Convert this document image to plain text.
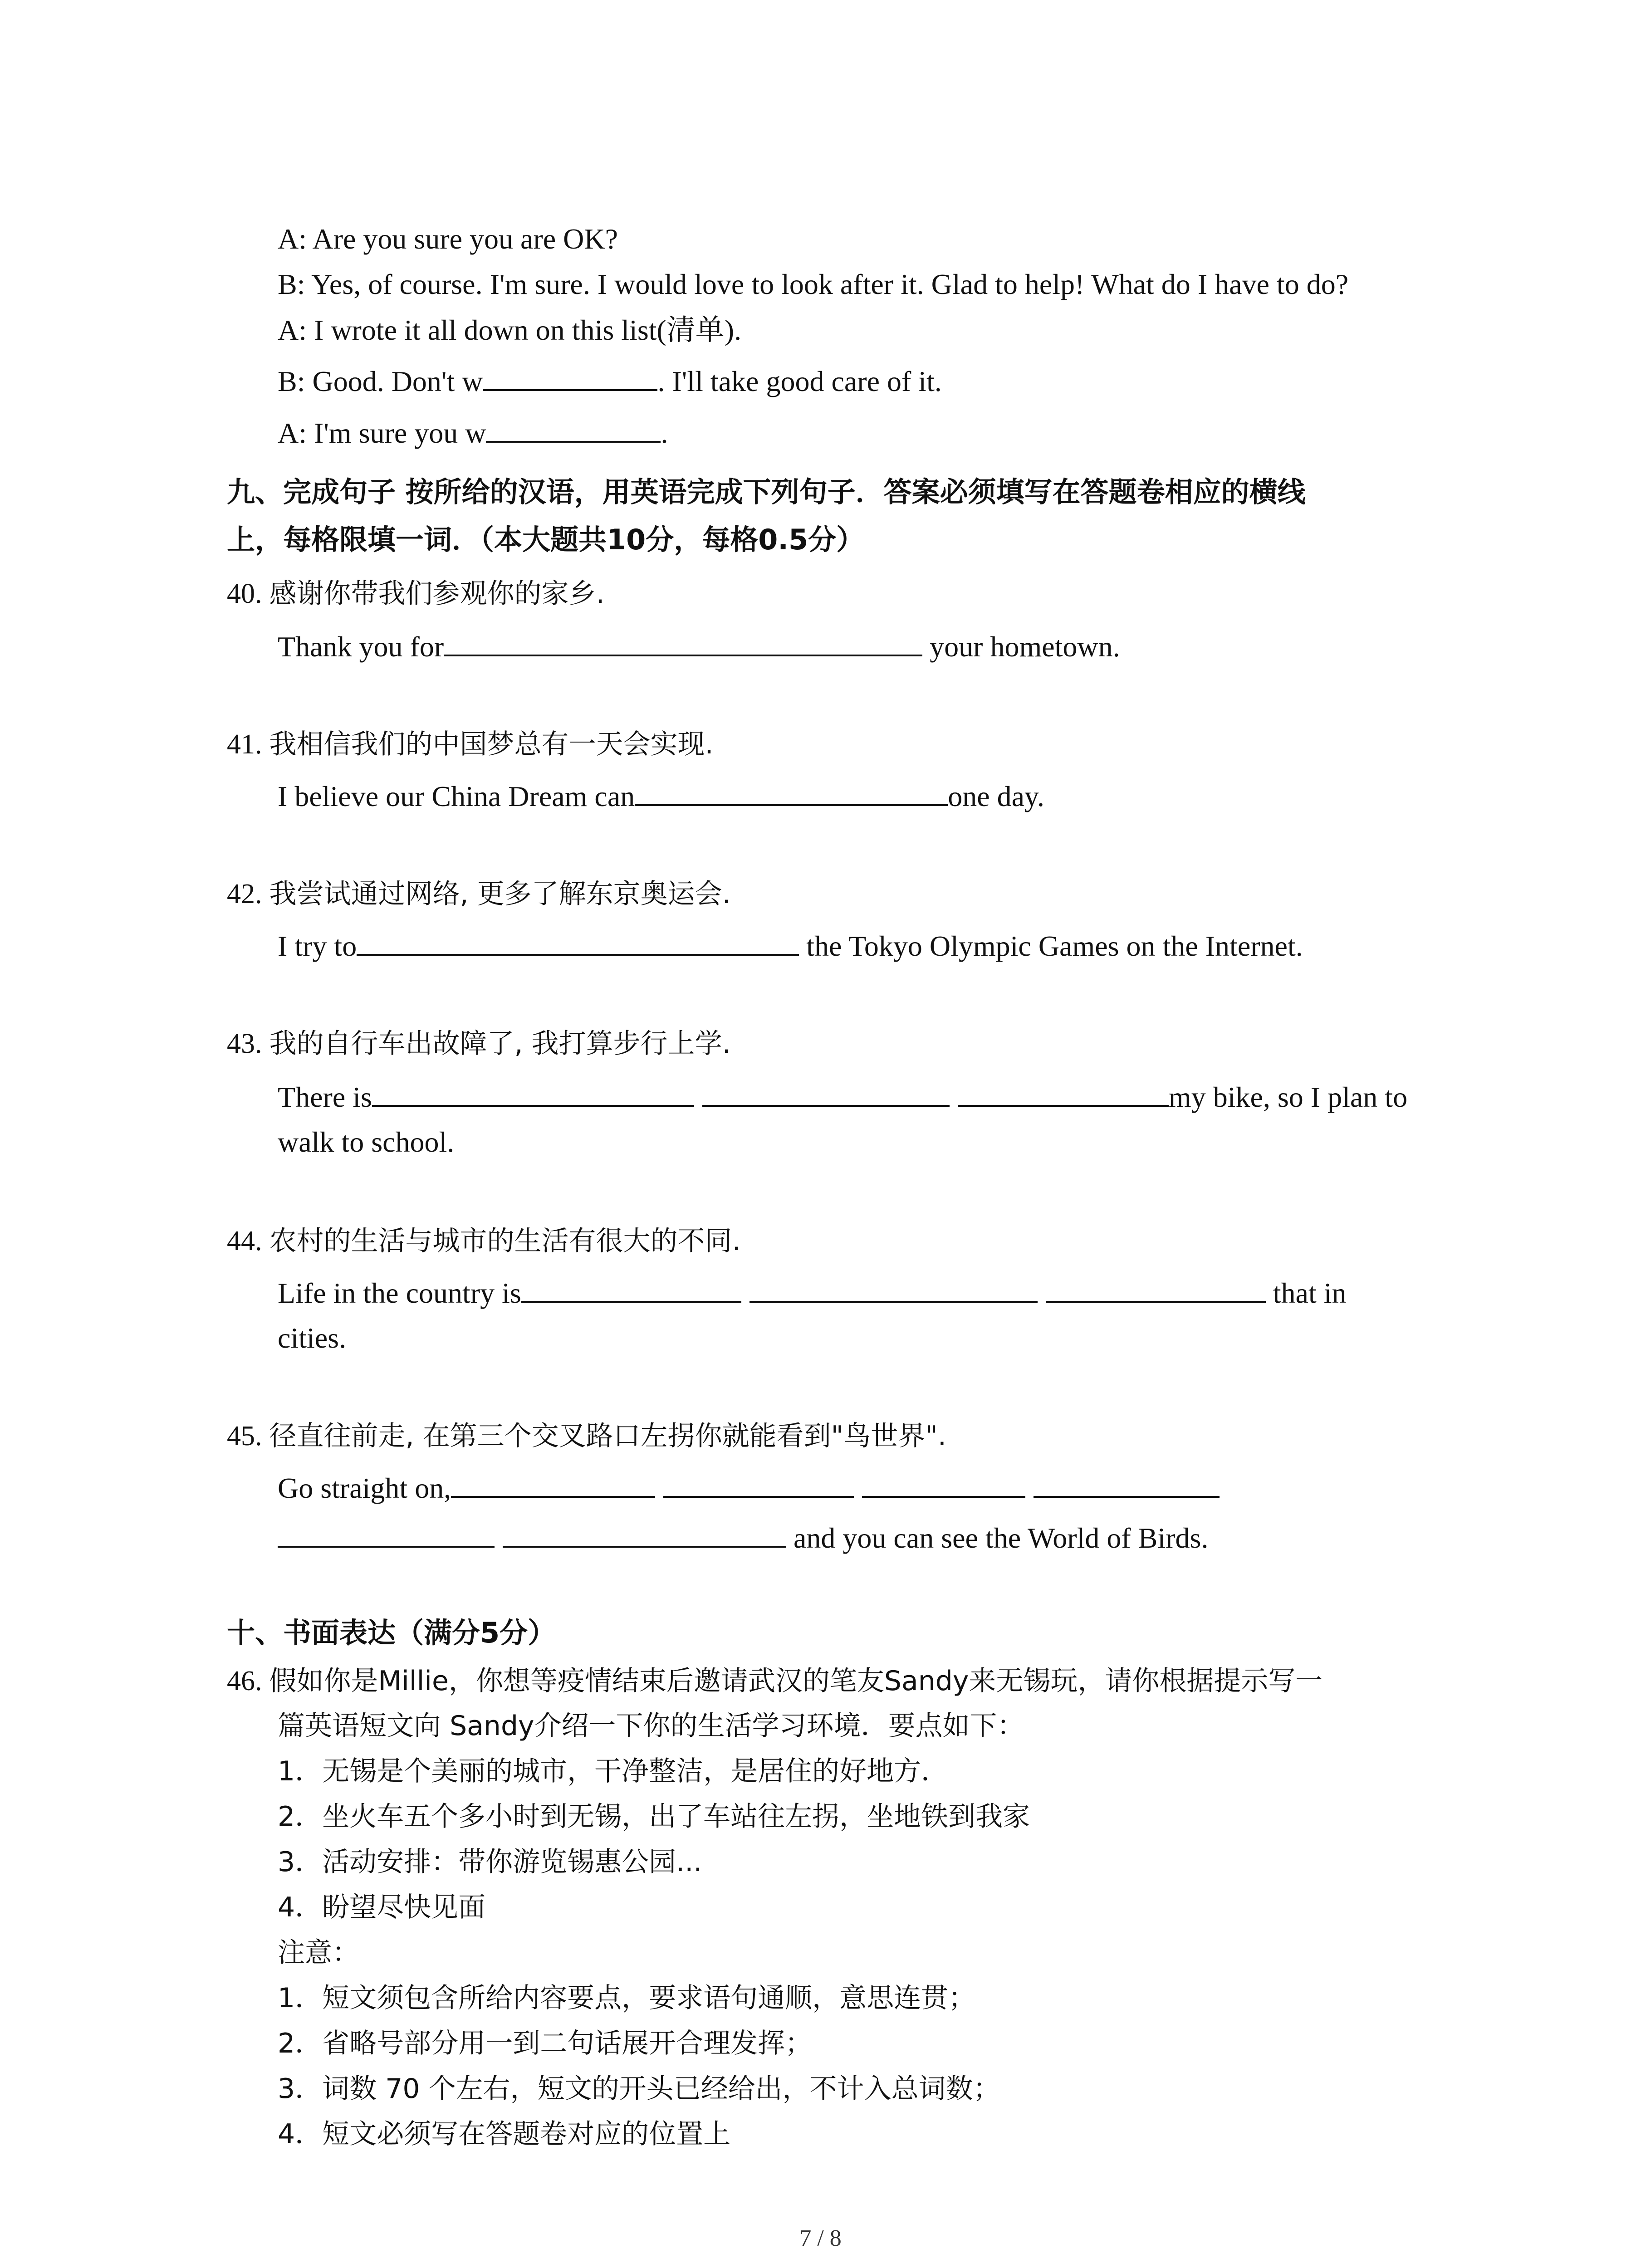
A: Are you sure you are OK?
B: Yes, of course. I'm sure. I would love to look after it. Glad to help! What do I have to do?
A: I wrote it all down on this list(清单).
B: Good. Don't w	. I'll take good care of it.
A: I'm sure you w	.
九、完成句子 按所给的汉语，用英语完成下列句子．答案必须填写在答题卷相应的横线
上，每格限填一词．（本大题共10分，每格0.5分）
40. 感谢你带我们参观你的家乡.
Thank you for	your hometown.
41. 我相信我们的中国梦总有一天会实现.
I believe our China Dream can	one day.
42. 我尝试通过网络, 更多了解东京奥运会.
I try to	the Tokyo Olympic Games on the Internet.
43. 我的自行车出故障了, 我打算步行上学.
There is	my bike, so I plan to
walk to school.
44. 农村的生活与城市的生活有很大的不同.
Life in the country is	that in
cities.
45. 径直往前走, 在第三个交叉路口左拐你就能看到"鸟世界".
Go straight on,
and you can see the World of Birds.
十、书面表达（满分5分）
46. 假如你是Millie，你想等疫情结束后邀请武汉的笔友Sandy来无锡玩，请你根据提示写一
篇英语短文向 Sandy介绍一下你的生活学习环境．要点如下：
1．无锡是个美丽的城市，干净整洁，是居住的好地方．
2．坐火车五个多小时到无锡，出了车站往左拐，坐地铁到我家
3．活动安排：带你游览锡惠公园...
4．盼望尽快见面
注意：
1．短文须包含所给内容要点，要求语句通顺，意思连贯；
2．省略号部分用一到二句话展开合理发挥；
3．词数 70 个左右，短文的开头已经给出，不计入总词数；
4．短文必须写在答题卷对应的位置上
7 / 8
